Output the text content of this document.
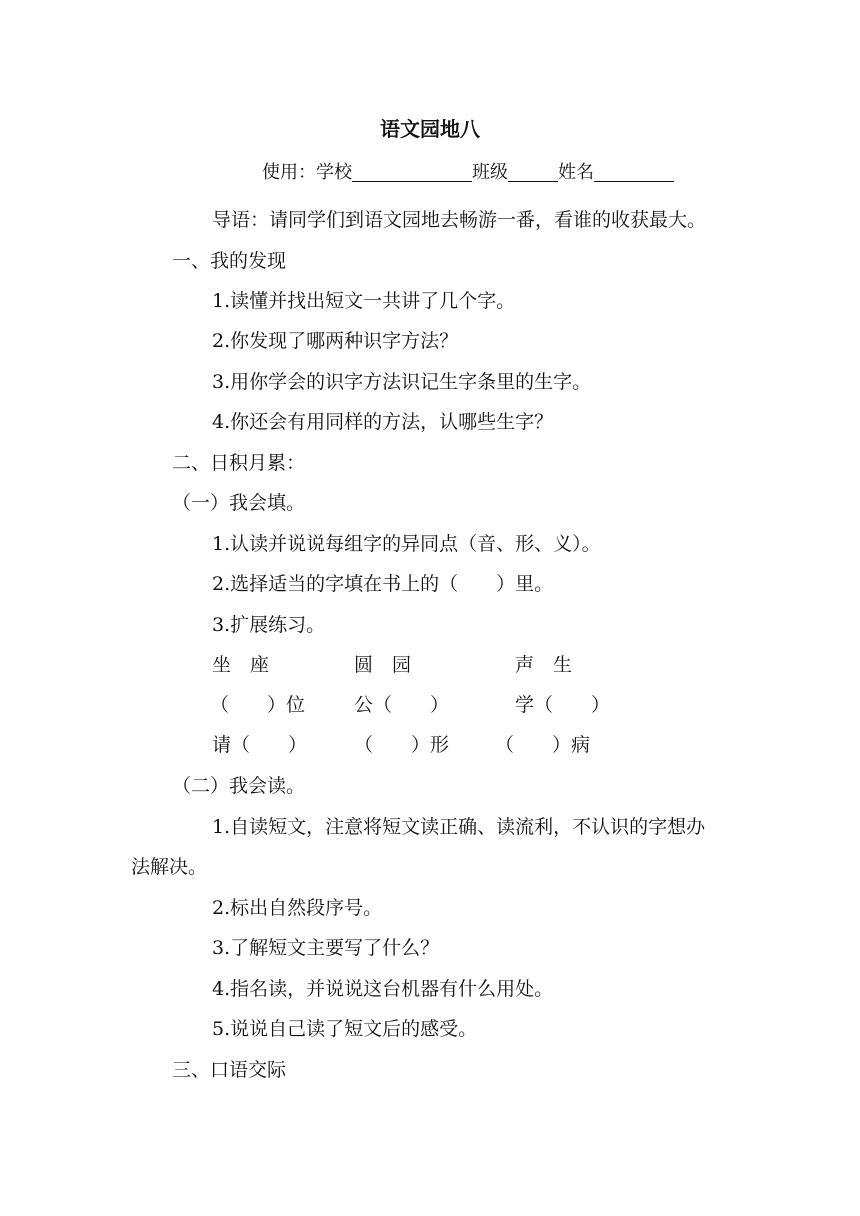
语文园地八
使用：学校	班级	姓名
导语：请同学们到语文园地去畅游一番，看谁的收获最大。
一、我的发现
1.读懂并找出短文一共讲了几个字。
2.你发现了哪两种识字方法？
3.用你学会的识字方法识记生字条里的生字。
4.你还会有用同样的方法，认哪些生字？
二、日积月累：
（一）我会填。
1.认读并说说每组字的异同点（音、形、义）。
2.选择适当的字填在书上的（　　）里。
3.扩展练习。
坐　座	圆　园	声　生
（　　）位	公（　　）	学（　　）
请（　　） （　　）形 （　　）病
（二）我会读。
1.自读短文，注意将短文读正确、读流利，不认识的字想办
法解决。
2.标出自然段序号。
3.了解短文主要写了什么？
4.指名读，并说说这台机器有什么用处。
5.说说自己读了短文后的感受。
三、口语交际
